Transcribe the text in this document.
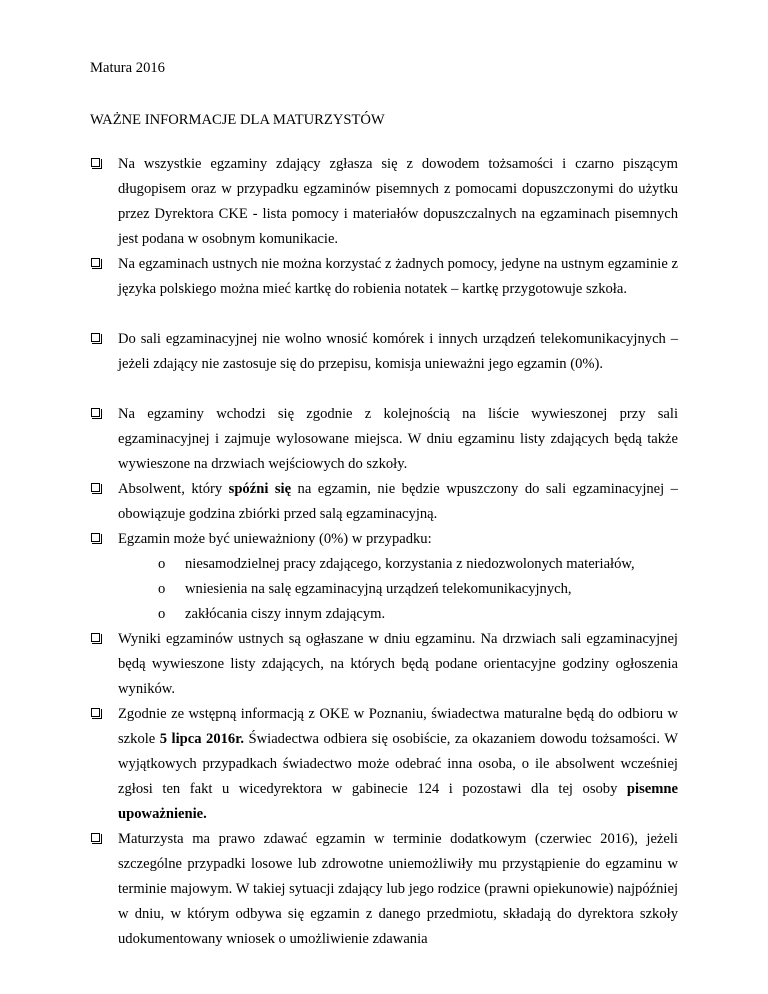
Matura 2016
WAŻNE INFORMACJE DLA MATURZYSTÓW
Na wszystkie egzaminy zdający zgłasza się z dowodem tożsamości i czarno piszącym długopisem oraz w przypadku egzaminów pisemnych z pomocami dopuszczonymi do użytku przez Dyrektora CKE - lista pomocy i materiałów dopuszczalnych na egzaminach pisemnych jest podana w osobnym komunikacie.
Na egzaminach ustnych nie można korzystać z żadnych pomocy, jedyne na ustnym egzaminie z języka polskiego można mieć kartkę do robienia notatek – kartkę przygotowuje szkoła.
Do sali egzaminacyjnej nie wolno wnosić komórek i innych urządzeń telekomunikacyjnych – jeżeli zdający nie zastosuje się do przepisu, komisja unieważni jego egzamin (0%).
Na egzaminy wchodzi się zgodnie z kolejnością na liście wywieszonej przy sali egzaminacyjnej i zajmuje wylosowane miejsca. W dniu egzaminu listy zdających będą także wywieszone na drzwiach wejściowych do szkoły.
Absolwent, który spóźni się na egzamin, nie będzie wpuszczony do sali egzaminacyjnej – obowiązuje godzina zbiórki przed salą egzaminacyjną.
Egzamin może być unieważniony (0%) w przypadku:
o niesamodzielnej pracy zdającego, korzystania z niedozwolonych materiałów,
o wniesienia na salę egzaminacyjną urządzeń telekomunikacyjnych,
o zakłócania ciszy innym zdającym.
Wyniki egzaminów ustnych są ogłaszane w dniu egzaminu. Na drzwiach sali egzaminacyjnej będą wywieszone listy zdających, na których będą podane orientacyjne godziny ogłoszenia wyników.
Zgodnie ze wstępną informacją z OKE w Poznaniu, świadectwa maturalne będą do odbioru w szkole 5 lipca 2016r. Świadectwa odbiera się osobiście, za okazaniem dowodu tożsamości. W wyjątkowych przypadkach świadectwo może odebrać inna osoba, o ile absolwent wcześniej zgłosi ten fakt u wicedyrektora w gabinecie 124 i pozostawi dla tej osoby pisemne upoważnienie.
Maturzysta ma prawo zdawać egzamin w terminie dodatkowym (czerwiec 2016), jeżeli szczególne przypadki losowe lub zdrowotne uniemożliwiły mu przystąpienie do egzaminu w terminie majowym. W takiej sytuacji zdający lub jego rodzice (prawni opiekunowie) najpóźniej w dniu, w którym odbywa się egzamin z danego przedmiotu, składają do dyrektora szkoły udokumentowany wniosek o umożliwienie zdawania
